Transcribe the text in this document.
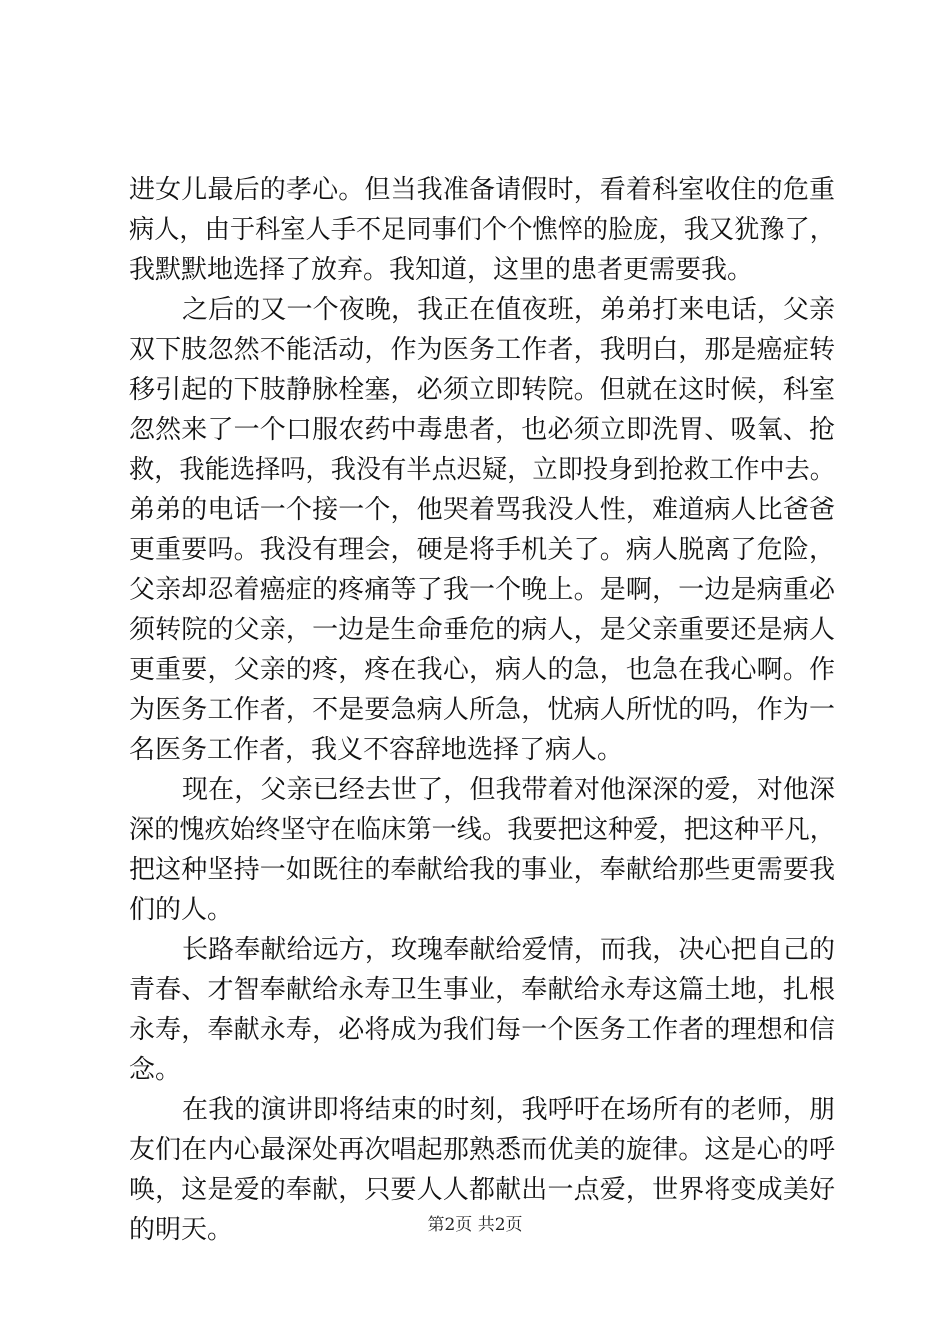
进女儿最后的孝心。但当我准备请假时，看着科室收住的危重
病人，由于科室人手不足同事们个个憔悴的脸庞，我又犹豫了，
我默默地选择了放弃。我知道，这里的患者更需要我。
之后的又一个夜晚，我正在值夜班，弟弟打来电话，父亲
双下肢忽然不能活动，作为医务工作者，我明白，那是癌症转
移引起的下肢静脉栓塞，必须立即转院。但就在这时候，科室
忽然来了一个口服农药中毒患者，也必须立即洗胃、吸氧、抢
救，我能选择吗，我没有半点迟疑，立即投身到抢救工作中去。
弟弟的电话一个接一个，他哭着骂我没人性，难道病人比爸爸
更重要吗。我没有理会，硬是将手机关了。病人脱离了危险，
父亲却忍着癌症的疼痛等了我一个晚上。是啊，一边是病重必
须转院的父亲，一边是生命垂危的病人，是父亲重要还是病人
更重要，父亲的疼，疼在我心，病人的急，也急在我心啊。作
为医务工作者，不是要急病人所急，忧病人所忧的吗，作为一
名医务工作者，我义不容辞地选择了病人。
现在，父亲已经去世了，但我带着对他深深的爱，对他深
深的愧疚始终坚守在临床第一线。我要把这种爱，把这种平凡，
把这种坚持一如既往的奉献给我的事业，奉献给那些更需要我
们的人。
长路奉献给远方，玫瑰奉献给爱情，而我，决心把自己的
青春、才智奉献给永寿卫生事业，奉献给永寿这篇土地，扎根
永寿，奉献永寿，必将成为我们每一个医务工作者的理想和信
念。
在我的演讲即将结束的时刻，我呼吁在场所有的老师，朋
友们在内心最深处再次唱起那熟悉而优美的旋律。这是心的呼
唤，这是爱的奉献，只要人人都献出一点爱，世界将变成美好
的明天。	第2页 共2页
